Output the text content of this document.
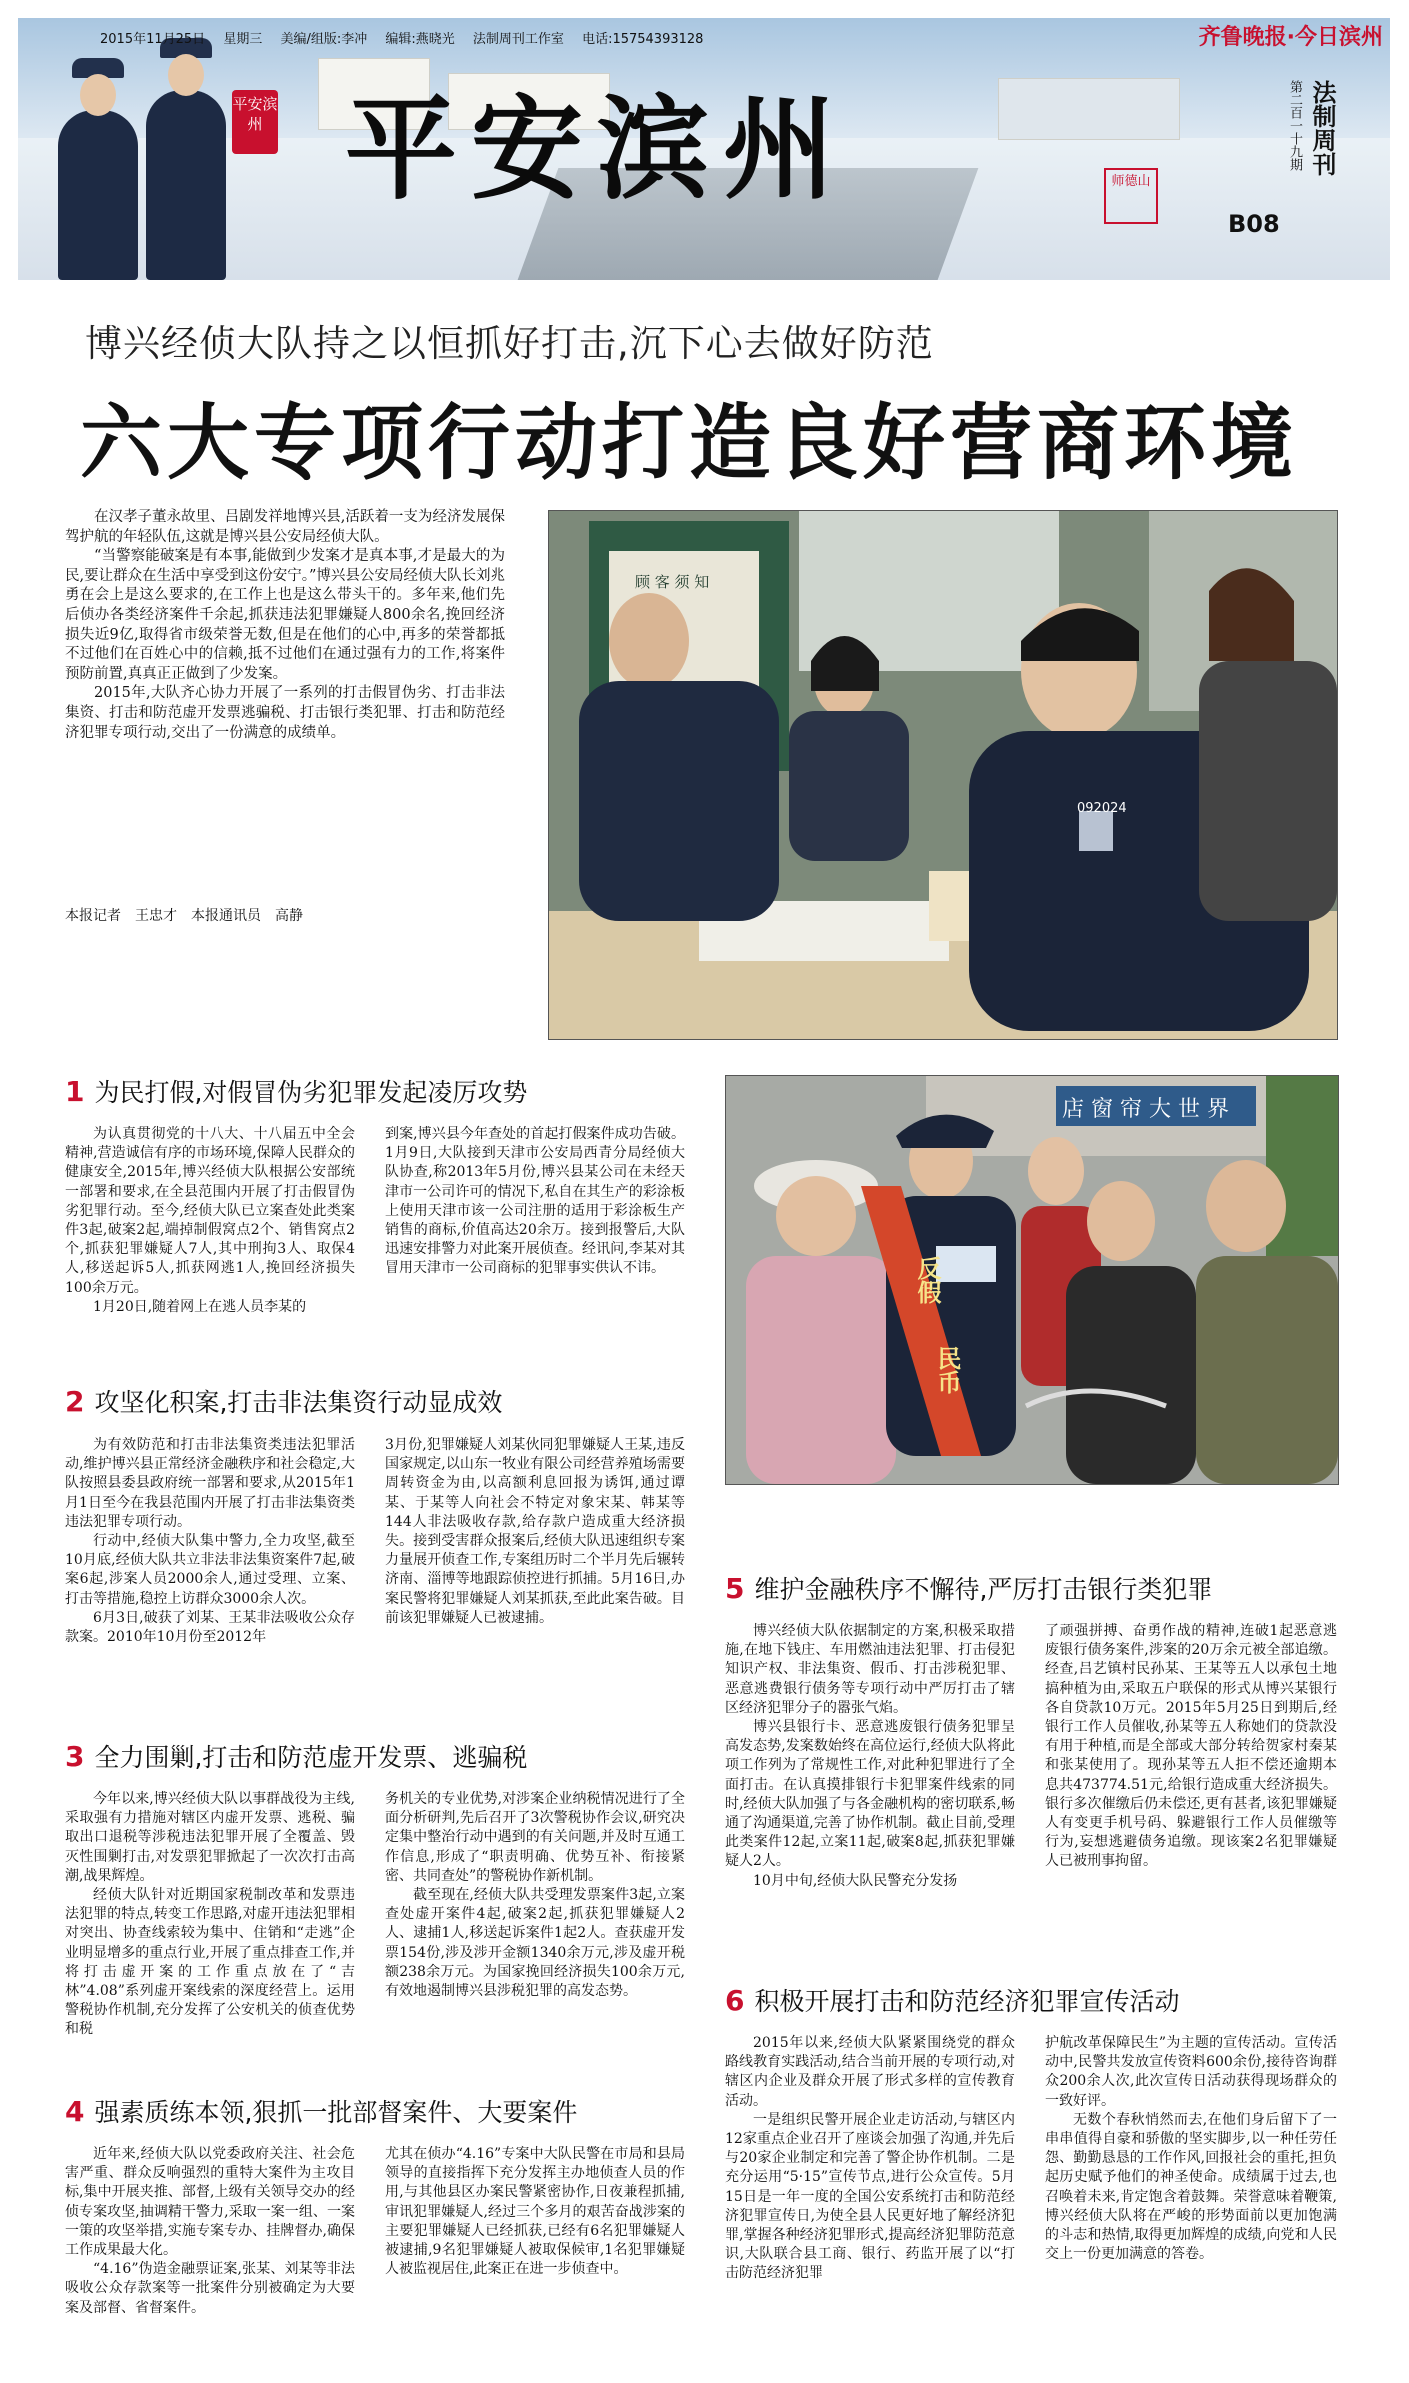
2015年11月25日 星期三 美编/组版:李冲 编辑:燕晓光 法制周刊工作室 电话:15754393128	齐鲁晚报·今日滨州
平安滨州 平安滨州	师德山
法制周刊
第二百一十九期
B08
博兴经侦大队持之以恒抓好打击,沉下心去做好防范
六大专项行动打造良好营商环境

在汉孝子董永故里、吕剧发祥地博兴县,活跃着一支为经济发展保驾护航的年轻队伍,这就是博兴县公安局经侦大队。

“当警察能破案是有本事,能做到少发案才是真本事,才是最大的为民,要让群众在生活中享受到这份安宁。”博兴县公安局经侦大队长刘兆勇在会上是这么要求的,在工作上也是这么带头干的。多年来,他们先后侦办各类经济案件千余起,抓获违法犯罪嫌疑人800余名,挽回经济损失近9亿,取得省市级荣誉无数,但是在他们的心中,再多的荣誉都抵不过他们在百姓心中的信赖,抵不过他们在通过强有力的工作,将案件预防前置,真真正正做到了少发案。

2015年,大队齐心协力开展了一系列的打击假冒伪劣、打击非法集资、打击和防范虚开发票逃骗税、打击银行类犯罪、打击和防范经济犯罪专项行动,交出了一份满意的成绩单。

本报记者　王忠才　本报通讯员　高静
顾 客 须 知
092024
1 为民打假,对假冒伪劣犯罪发起凌厉攻势

为认真贯彻党的十八大、十八届五中全会精神,营造诚信有序的市场环境,保障人民群众的健康安全,2015年,博兴经侦大队根据公安部统一部署和要求,在全县范围内开展了打击假冒伪劣犯罪行动。至今,经侦大队已立案查处此类案件3起,破案2起,端掉制假窝点2个、销售窝点2个,抓获犯罪嫌疑人7人,其中刑拘3人、取保4人,移送起诉5人,抓获网逃1人,挽回经济损失100余万元。

1月20日,随着网上在逃人员李某的

到案,博兴县今年查处的首起打假案件成功告破。1月9日,大队接到天津市公安局西青分局经侦大队协查,称2013年5月份,博兴县某公司在未经天津市一公司许可的情况下,私自在其生产的彩涂板上使用天津市该一公司注册的适用于彩涂板生产销售的商标,价值高达20余万。接到报警后,大队迅速安排警力对此案开展侦查。经讯问,李某对其冒用天津市一公司商标的犯罪事实供认不讳。	反假
民币
店 窗 帘 大 世 界
2 攻坚化积案,打击非法集资行动显成效

为有效防范和打击非法集资类违法犯罪活动,维护博兴县正常经济金融秩序和社会稳定,大队按照县委县政府统一部署和要求,从2015年1月1日至今在我县范围内开展了打击非法集资类违法犯罪专项行动。

行动中,经侦大队集中警力,全力攻坚,截至10月底,经侦大队共立非法非法集资案件7起,破案6起,涉案人员2000余人,通过受理、立案、打击等措施,稳控上访群众3000余人次。

6月3日,破获了刘某、王某非法吸收公众存款案。2010年10月份至2012年

3月份,犯罪嫌疑人刘某伙同犯罪嫌疑人王某,违反国家规定,以山东一牧业有限公司经营养殖场需要周转资金为由,以高额利息回报为诱饵,通过谭某、于某等人向社会不特定对象宋某、韩某等144人非法吸收存款,给存款户造成重大经济损失。接到受害群众报案后,经侦大队迅速组织专案力量展开侦查工作,专案组历时二个半月先后辗转济南、淄博等地跟踪侦控进行抓捕。5月16日,办案民警将犯罪嫌疑人刘某抓获,至此此案告破。目前该犯罪嫌疑人已被逮捕。

3 全力围剿,打击和防范虚开发票、逃骗税

今年以来,博兴经侦大队以事群战役为主线,采取强有力措施对辖区内虚开发票、逃税、骗取出口退税等涉税违法犯罪开展了全覆盖、毁灭性围剿打击,对发票犯罪掀起了一次次打击高潮,战果辉煌。

经侦大队针对近期国家税制改革和发票违法犯罪的特点,转变工作思路,对虚开违法犯罪相对突出、协查线索较为集中、住销和“走逃”企业明显增多的重点行业,开展了重点排查工作,并将打击虚开案的工作重点放在了“吉林”4.08”系列虚开案线索的深度经营上。运用警税协作机制,充分发挥了公安机关的侦查优势和税

务机关的专业优势,对涉案企业纳税情况进行了全面分析研判,先后召开了3次警税协作会议,研究决定集中整治行动中遇到的有关问题,并及时互通工作信息,形成了“职责明确、优势互补、衔接紧密、共同查处”的警税协作新机制。

截至现在,经侦大队共受理发票案件3起,立案查处虚开案件4起,破案2起,抓获犯罪嫌疑人2人、逮捕1人,移送起诉案件1起2人。查获虚开发票154份,涉及涉开金额1340余万元,涉及虚开税额238余万元。为国家挽回经济损失100余万元,有效地遏制博兴县涉税犯罪的高发态势。

4 强素质练本领,狠抓一批部督案件、大要案件

近年来,经侦大队以党委政府关注、社会危害严重、群众反响强烈的重特大案件为主攻目标,集中开展夹推、部督,上级有关领导交办的经侦专案攻坚,抽调精干警力,采取一案一组、一案一策的攻坚举措,实施专案专办、挂牌督办,确保工作成果最大化。

“4.16”伪造金融票证案,张某、刘某等非法吸收公众存款案等一批案件分别被确定为大要案及部督、省督案件。

尤其在侦办“4.16”专案中大队民警在市局和县局领导的直接指挥下充分发挥主办地侦查人员的作用,与其他县区办案民警紧密协作,日夜兼程抓捕,审讯犯罪嫌疑人,经过三个多月的艰苦奋战涉案的主要犯罪嫌疑人已经抓获,已经有6名犯罪嫌疑人被逮捕,9名犯罪嫌疑人被取保候审,1名犯罪嫌疑人被监视居住,此案正在进一步侦查中。

5 维护金融秩序不懈待,严厉打击银行类犯罪

博兴经侦大队依据制定的方案,积极采取措施,在地下钱庄、车用燃油违法犯罪、打击侵犯知识产权、非法集资、假币、打击涉税犯罪、恶意逃费银行债务等专项行动中严厉打击了辖区经济犯罪分子的嚣张气焰。

博兴县银行卡、恶意逃废银行债务犯罪呈高发态势,发案数始终在高位运行,经侦大队将此项工作列为了常规性工作,对此种犯罪进行了全面打击。在认真摸排银行卡犯罪案件线索的同时,经侦大队加强了与各金融机构的密切联系,畅通了沟通渠道,完善了协作机制。截止目前,受理此类案件12起,立案11起,破案8起,抓获犯罪嫌疑人2人。

10月中旬,经侦大队民警充分发扬

了顽强拼搏、奋勇作战的精神,连破1起恶意逃废银行债务案件,涉案的20万余元被全部追缴。经查,吕艺镇村民孙某、王某等五人以承包土地搞种植为由,采取五户联保的形式从博兴某银行各自贷款10万元。2015年5月25日到期后,经银行工作人员催收,孙某等五人称她们的贷款没有用于种植,而是全部或大部分转给贺家村秦某和张某使用了。现孙某等五人拒不偿还逾期本息共473774.51元,给银行造成重大经济损失。银行多次催缴后仍未偿还,更有甚者,该犯罪嫌疑人有变更手机号码、躲避银行工作人员催缴等行为,妄想逃避债务追缴。现该案2名犯罪嫌疑人已被刑事拘留。

6 积极开展打击和防范经济犯罪宣传活动

2015年以来,经侦大队紧紧围绕党的群众路线教育实践活动,结合当前开展的专项行动,对辖区内企业及群众开展了形式多样的宣传教育活动。

一是组织民警开展企业走访活动,与辖区内12家重点企业召开了座谈会加强了沟通,并先后与20家企业制定和完善了警企协作机制。二是充分运用“5·15”宣传节点,进行公众宣传。5月15日是一年一度的全国公安系统打击和防范经济犯罪宣传日,为使全县人民更好地了解经济犯罪,掌握各种经济犯罪形式,提高经济犯罪防范意识,大队联合县工商、银行、药监开展了以“打击防范经济犯罪

护航改革保障民生”为主题的宣传活动。宣传活动中,民警共发放宣传资料600余份,接待咨询群众200余人次,此次宣传日活动获得现场群众的一致好评。

无数个春秋悄然而去,在他们身后留下了一串串值得自豪和骄傲的坚实脚步,以一种任劳任怨、勤勤恳恳的工作作风,回报社会的重托,担负起历史赋予他们的神圣使命。成绩属于过去,也召唤着未来,肯定饱含着鼓舞。荣誉意味着鞭策,博兴经侦大队将在严峻的形势面前以更加饱满的斗志和热情,取得更加辉煌的成绩,向党和人民交上一份更加满意的答卷。
